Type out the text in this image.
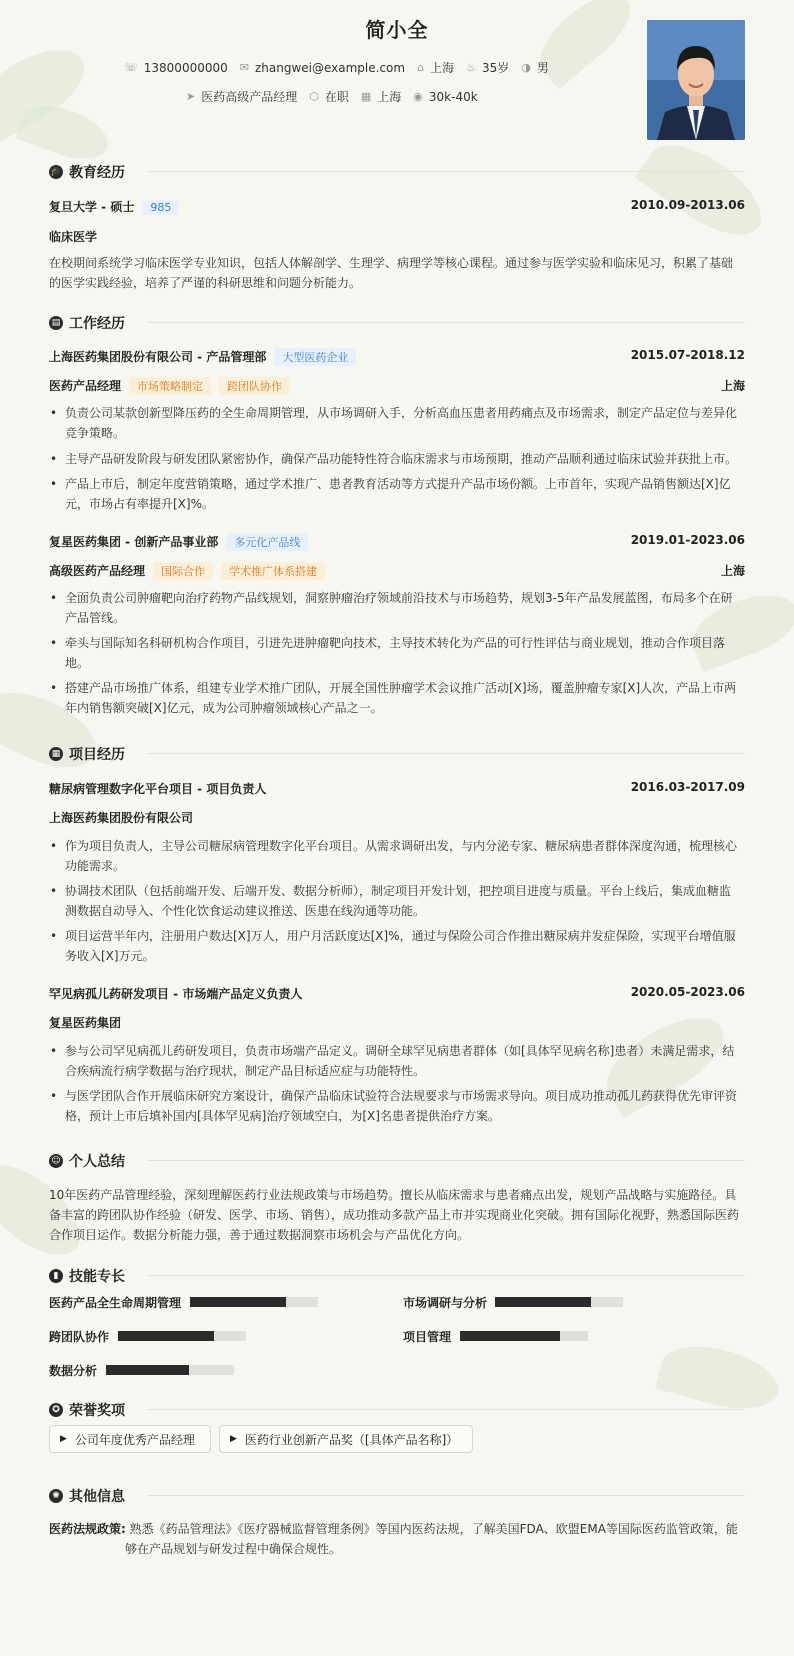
简小全
☏ 13800000000 ✉ zhangwei@example.com ⌂ 上海 ♨ 35岁 ◑ 男
➤ 医药高级产品经理 ⬡ 在职 ▦ 上海 ◉ 30k-40k
🎓 教育经历
复旦大学 - 硕士 985	2010.09-2013.06
临床医学
在校期间系统学习临床医学专业知识，包括人体解剖学、生理学、病理学等核心课程。通过参与医学实验和临床见习，积累了基础
的医学实践经验，培养了严谨的科研思维和问题分析能力。
▤ 工作经历
上海医药集团股份有限公司 - 产品管理部 大型医药企业	2015.07-2018.12
医药产品经理 市场策略制定 跨团队协作	上海
• 负责公司某款创新型降压药的全生命周期管理，从市场调研入手，分析高血压患者用药痛点及市场需求，制定产品定位与差异化
竞争策略。
• 主导产品研发阶段与研发团队紧密协作，确保产品功能特性符合临床需求与市场预期，推动产品顺利通过临床试验并获批上市。
• 产品上市后，制定年度营销策略，通过学术推广、患者教育活动等方式提升产品市场份额。上市首年，实现产品销售额达[X]亿
元，市场占有率提升[X]%。
复星医药集团 - 创新产品事业部 多元化产品线	2019.01-2023.06
高级医药产品经理 国际合作 学术推广体系搭建	上海
• 全面负责公司肿瘤靶向治疗药物产品线规划，洞察肿瘤治疗领域前沿技术与市场趋势，规划3-5年产品发展蓝图，布局多个在研
产品管线。
• 牵头与国际知名科研机构合作项目，引进先进肿瘤靶向技术，主导技术转化为产品的可行性评估与商业规划，推动合作项目落
地。
• 搭建产品市场推广体系，组建专业学术推广团队，开展全国性肿瘤学术会议推广活动[X]场，覆盖肿瘤专家[X]人次，产品上市两
年内销售额突破[X]亿元，成为公司肿瘤领域核心产品之一。
▦ 项目经历
糖尿病管理数字化平台项目 - 项目负责人	2016.03-2017.09
上海医药集团股份有限公司
• 作为项目负责人，主导公司糖尿病管理数字化平台项目。从需求调研出发，与内分泌专家、糖尿病患者群体深度沟通，梳理核心
功能需求。
• 协调技术团队（包括前端开发、后端开发、数据分析师），制定项目开发计划，把控项目进度与质量。平台上线后，集成血糖监
测数据自动导入、个性化饮食运动建议推送、医患在线沟通等功能。
• 项目运营半年内，注册用户数达[X]万人，用户月活跃度达[X]%，通过与保险公司合作推出糖尿病并发症保险，实现平台增值服
务收入[X]万元。
罕见病孤儿药研发项目 - 市场端产品定义负责人	2020.05-2023.06
复星医药集团
• 参与公司罕见病孤儿药研发项目，负责市场端产品定义。调研全球罕见病患者群体（如[具体罕见病名称]患者）未满足需求，结
合疾病流行病学数据与治疗现状，制定产品目标适应症与功能特性。
• 与医学团队合作开展临床研究方案设计，确保产品临床试验符合法规要求与市场需求导向。项目成功推动孤儿药获得优先审评资
格，预计上市后填补国内[具体罕见病]治疗领域空白，为[X]名患者提供治疗方案。
☺ 个人总结
10年医药产品管理经验，深刻理解医药行业法规政策与市场趋势。擅长从临床需求与患者痛点出发，规划产品战略与实施路径。具
备丰富的跨团队协作经验（研发、医学、市场、销售），成功推动多款产品上市并实现商业化突破。拥有国际化视野，熟悉国际医药
合作项目运作。数据分析能力强，善于通过数据洞察市场机会与产品优化方向。
▮ 技能专长
医药产品全生命周期管理	市场调研与分析
跨团队协作	项目管理
数据分析
✪ 荣誉奖项
▶ 公司年度优秀产品经理	▶ 医药行业创新产品奖（[具体产品名称]）
✺ 其他信息
医药法规政策: 熟悉《药品管理法》《医疗器械监督管理条例》等国内医药法规，了解美国FDA、欧盟EMA等国际医药监管政策，能
够在产品规划与研发过程中确保合规性。
